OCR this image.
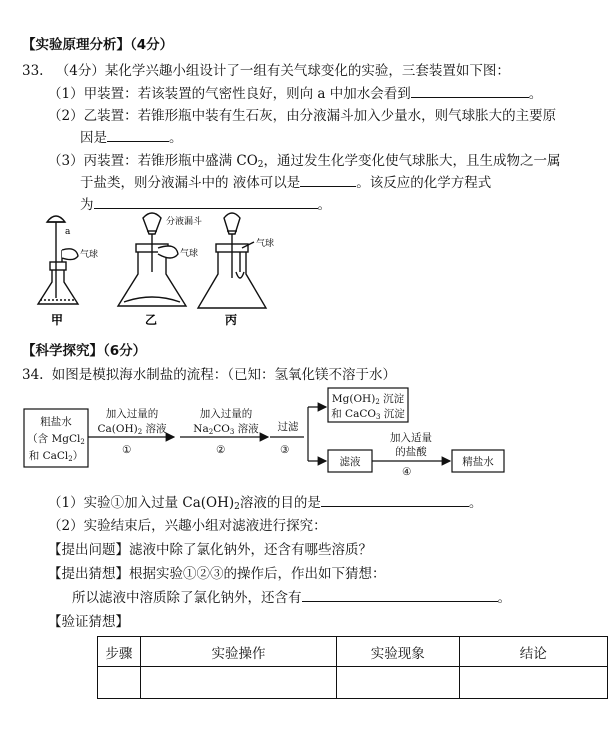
【实验原理分析】（4分）
33. （4分）某化学兴趣小组设计了一组有关气球变化的实验，三套装置如下图：
（1）甲装置：若该装置的气密性良好，则向 a 中加水会看到	。
（2）乙装置：若锥形瓶中装有生石灰，由分液漏斗加入少量水，则气球胀大的主要原
因是	。
（3）丙装置：若锥形瓶中盛满 $CO_2$，通过发生化学变化使气球胀大，且生成物之一属
于盐类，则分液漏斗中的 液体可以是	。该反应的化学方程式
为	。
a
气球
分液漏斗
气球
气球
甲	乙	丙
【科学探究】（6分）
34. 如图是模拟海水制盐的流程：（已知：氢氧化镁不溶于水）
粗盐水
（含 MgCl2
和 CaCl2）
加入过量的
Ca(OH)2 溶液
①
加入过量的
Na2CO3 溶液
②
过滤
③
Mg(OH)2 沉淀
和 CaCO3 沉淀
滤液
加入适量
的盐酸
④
精盐水
（1）实验①加入过量 $Ca(OH)_2$溶液的目的是	。
（2）实验结束后，兴趣小组对滤液进行探究：
【提出问题】滤液中除了氯化钠外，还含有哪些溶质？
【提出猜想】根据实验①②③的操作后，作出如下猜想：
所以滤液中溶质除了氯化钠外，还含有	。
【验证猜想】
步骤	实验操作	实验现象	结论
